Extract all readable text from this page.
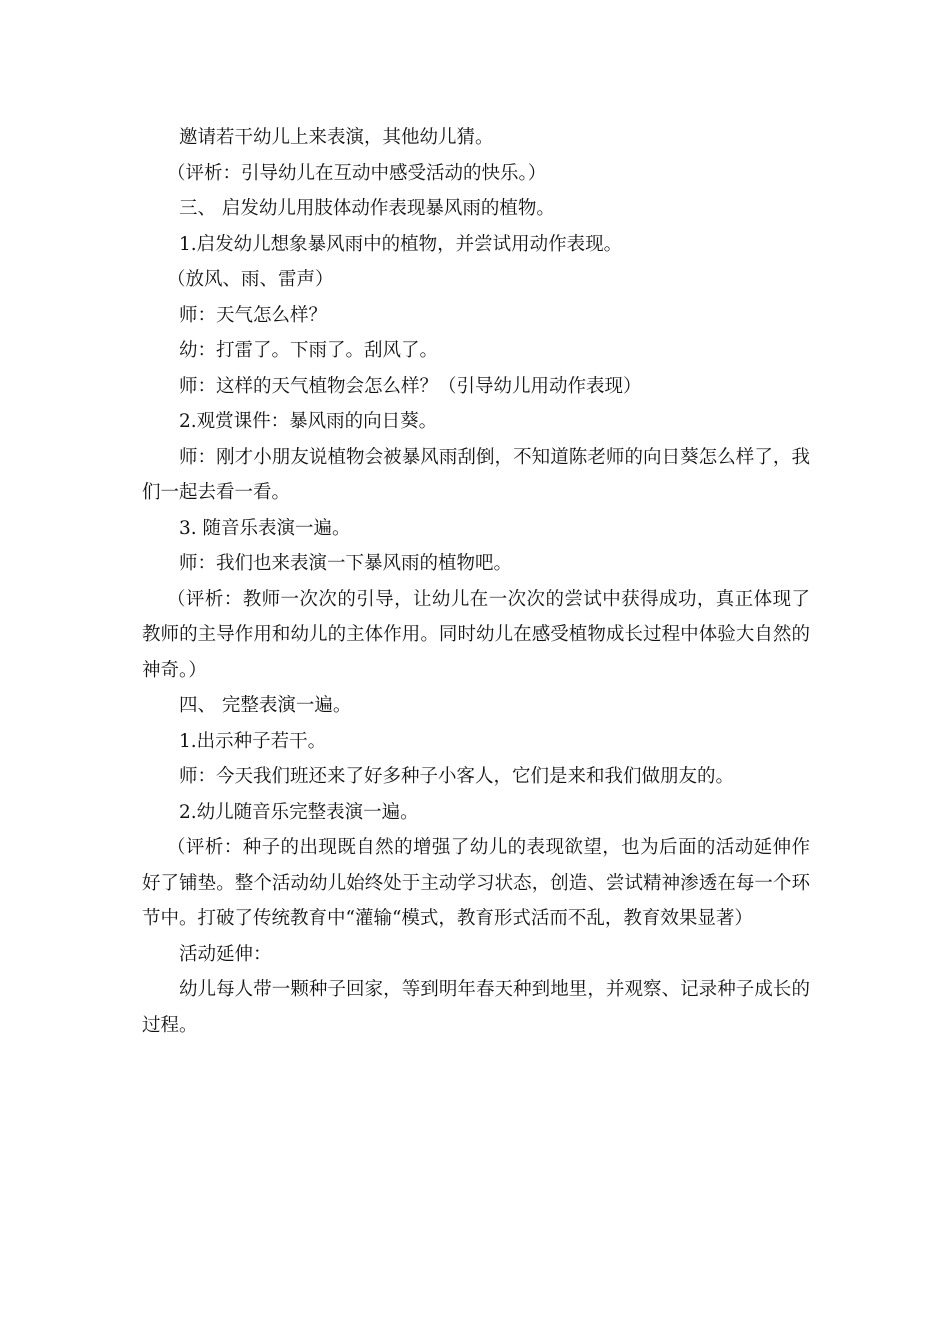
邀请若干幼儿上来表演，其他幼儿猜。

（评析：引导幼儿在互动中感受活动的快乐。）

三、 启发幼儿用肢体动作表现暴风雨的植物。

1.启发幼儿想象暴风雨中的植物，并尝试用动作表现。

（放风、雨、雷声）

师：天气怎么样？

幼：打雷了。下雨了。刮风了。

师：这样的天气植物会怎么样？（引导幼儿用动作表现）

2.观赏课件：暴风雨的向日葵。

师：刚才小朋友说植物会被暴风雨刮倒，不知道陈老师的向日葵怎么样了，我们一起去看一看。

3. 随音乐表演一遍。

师：我们也来表演一下暴风雨的植物吧。

（评析：教师一次次的引导，让幼儿在一次次的尝试中获得成功，真正体现了教师的主导作用和幼儿的主体作用。同时幼儿在感受植物成长过程中体验大自然的神奇。）

四、 完整表演一遍。

1.出示种子若干。

师：今天我们班还来了好多种子小客人，它们是来和我们做朋友的。

2.幼儿随音乐完整表演一遍。

（评析：种子的出现既自然的增强了幼儿的表现欲望，也为后面的活动延伸作好了铺垫。整个活动幼儿始终处于主动学习状态，创造、尝试精神渗透在每一个环节中。打破了传统教育中“灌输“模式，教育形式活而不乱，教育效果显著）

活动延伸：

幼儿每人带一颗种子回家，等到明年春天种到地里，并观察、记录种子成长的过程。
